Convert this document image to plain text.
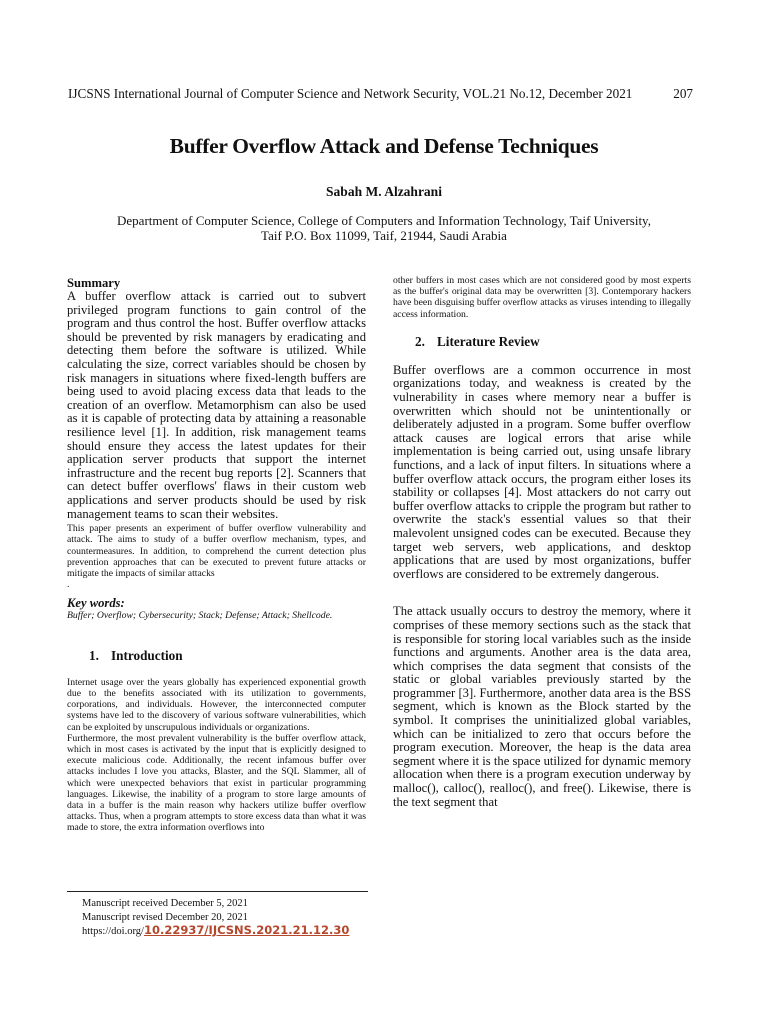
IJCSNS International Journal of Computer Science and Network Security, VOL.21 No.12, December 2021	207
Buffer Overflow Attack and Defense Techniques
Sabah M. Alzahrani
Department of Computer Science, College of Computers and Information Technology, Taif University,
Taif P.O. Box 11099, Taif, 21944, Saudi Arabia
Summary

A buffer overflow attack is carried out to subvert privileged program functions to gain control of the program and thus control the host. Buffer overflow attacks should be prevented by risk managers by eradicating and detecting them before the software is utilized. While calculating the size, correct variables should be chosen by risk managers in situations where fixed-length buffers are being used to avoid placing excess data that leads to the creation of an overflow. Metamorphism can also be used as it is capable of protecting data by attaining a reasonable resilience level [1]. In addition, risk management teams should ensure they access the latest updates for their application server products that support the internet infrastructure and the recent bug reports [2]. Scanners that can detect buffer overflows' flaws in their custom web applications and server products should be used by risk management teams to scan their websites.

This paper presents an experiment of buffer overflow vulnerability and attack. The aims to study of a buffer overflow mechanism, types, and countermeasures. In addition, to comprehend the current detection plus prevention approaches that can be executed to prevent future attacks or mitigate the impacts of similar attacks

.

Key words:

Buffer; Overflow; Cybersecurity; Stack; Defense; Attack; Shellcode.

1. Introduction

Internet usage over the years globally has experienced exponential growth due to the benefits associated with its utilization to governments, corporations, and individuals. However, the interconnected computer systems have led to the discovery of various software vulnerabilities, which can be exploited by unscrupulous individuals or organizations.

Furthermore, the most prevalent vulnerability is the buffer overflow attack, which in most cases is activated by the input that is explicitly designed to execute malicious code. Additionally, the recent infamous buffer over attacks includes I love you attacks, Blaster, and the SQL Slammer, all of which were unexpected behaviors that exist in particular programming languages. Likewise, the inability of a program to store large amounts of data in a buffer is the main reason why hackers utilize buffer overflow attacks. Thus, when a program attempts to store excess data than what it was made to store, the extra information overflows into

other buffers in most cases which are not considered good by most experts as the buffer's original data may be overwritten [3]. Contemporary hackers have been disguising buffer overflow attacks as viruses intending to illegally access information.

2. Literature Review

Buffer overflows are a common occurrence in most organizations today, and weakness is created by the vulnerability in cases where memory near a buffer is overwritten which should not be unintentionally or deliberately adjusted in a program. Some buffer overflow attack causes are logical errors that arise while implementation is being carried out, using unsafe library functions, and a lack of input filters. In situations where a buffer overflow attack occurs, the program either loses its stability or collapses [4]. Most attackers do not carry out buffer overflow attacks to cripple the program but rather to overwrite the stack's essential values so that their malevolent unsigned codes can be executed. Because they target web servers, web applications, and desktop applications that are used by most organizations, buffer overflows are considered to be extremely dangerous.

The attack usually occurs to destroy the memory, where it comprises of these memory sections such as the stack that is responsible for storing local variables such as the inside functions and arguments. Another area is the data area, which comprises the data segment that consists of the static or global variables previously started by the programmer [3]. Furthermore, another data area is the BSS segment, which is known as the Block started by the symbol. It comprises the uninitialized global variables, which can be initialized to zero that occurs before the program execution. Moreover, the heap is the data area segment where it is the space utilized for dynamic memory allocation when there is a program execution underway by malloc(), calloc(), realloc(), and free(). Likewise, there is the text segment that

Manuscript received December 5, 2021
Manuscript revised December 20, 2021
https://doi.org/10.22937/IJCSNS.2021.21.12.30
